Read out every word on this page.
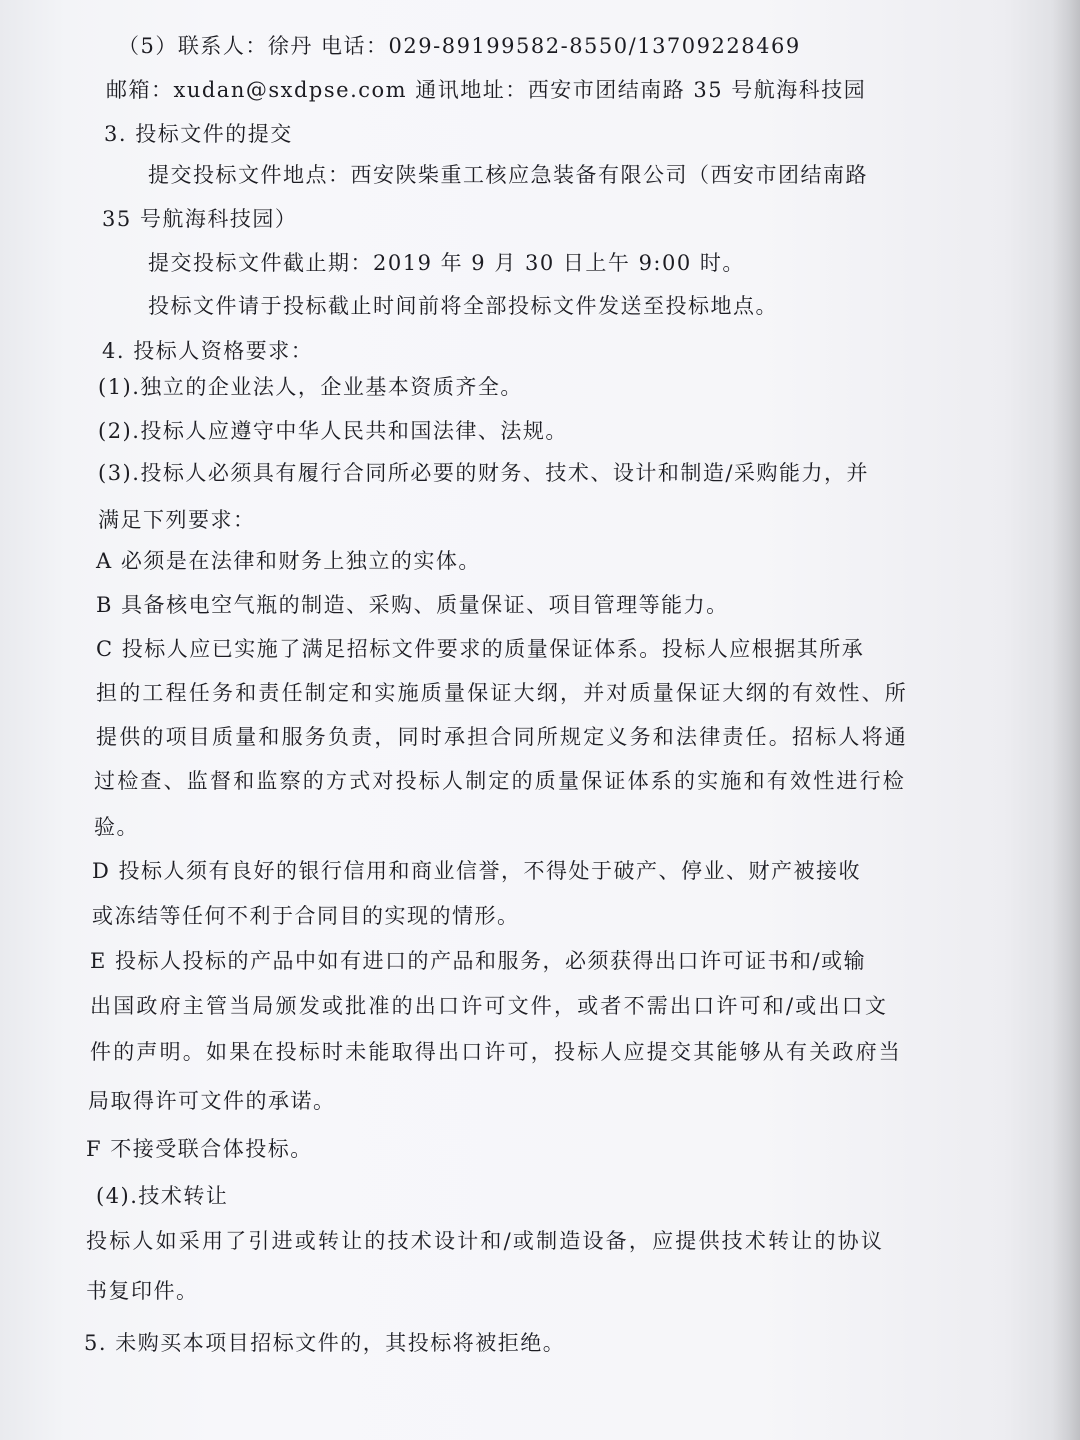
（5）联系人：徐丹 电话：029-89199582-8550/13709228469
邮箱：xudan@sxdpse.com 通讯地址：西安市团结南路 35 号航海科技园
3. 投标文件的提交
提交投标文件地点：西安陕柴重工核应急装备有限公司（西安市团结南路
35 号航海科技园）
提交投标文件截止期：2019 年 9 月 30 日上午 9:00 时。
投标文件请于投标截止时间前将全部投标文件发送至投标地点。
4. 投标人资格要求：
(1).独立的企业法人，企业基本资质齐全。
(2).投标人应遵守中华人民共和国法律、法规。
(3).投标人必须具有履行合同所必要的财务、技术、设计和制造/采购能力，并
满足下列要求：
A 必须是在法律和财务上独立的实体。
B 具备核电空气瓶的制造、采购、质量保证、项目管理等能力。
C 投标人应已实施了满足招标文件要求的质量保证体系。投标人应根据其所承
担的工程任务和责任制定和实施质量保证大纲，并对质量保证大纲的有效性、所
提供的项目质量和服务负责，同时承担合同所规定义务和法律责任。招标人将通
过检查、监督和监察的方式对投标人制定的质量保证体系的实施和有效性进行检
验。
D 投标人须有良好的银行信用和商业信誉，不得处于破产、停业、财产被接收
或冻结等任何不利于合同目的实现的情形。
E 投标人投标的产品中如有进口的产品和服务，必须获得出口许可证书和/或输
出国政府主管当局颁发或批准的出口许可文件，或者不需出口许可和/或出口文
件的声明。如果在投标时未能取得出口许可，投标人应提交其能够从有关政府当
局取得许可文件的承诺。
F 不接受联合体投标。
(4).技术转让
投标人如采用了引进或转让的技术设计和/或制造设备，应提供技术转让的协议
书复印件。
5. 未购买本项目招标文件的，其投标将被拒绝。
